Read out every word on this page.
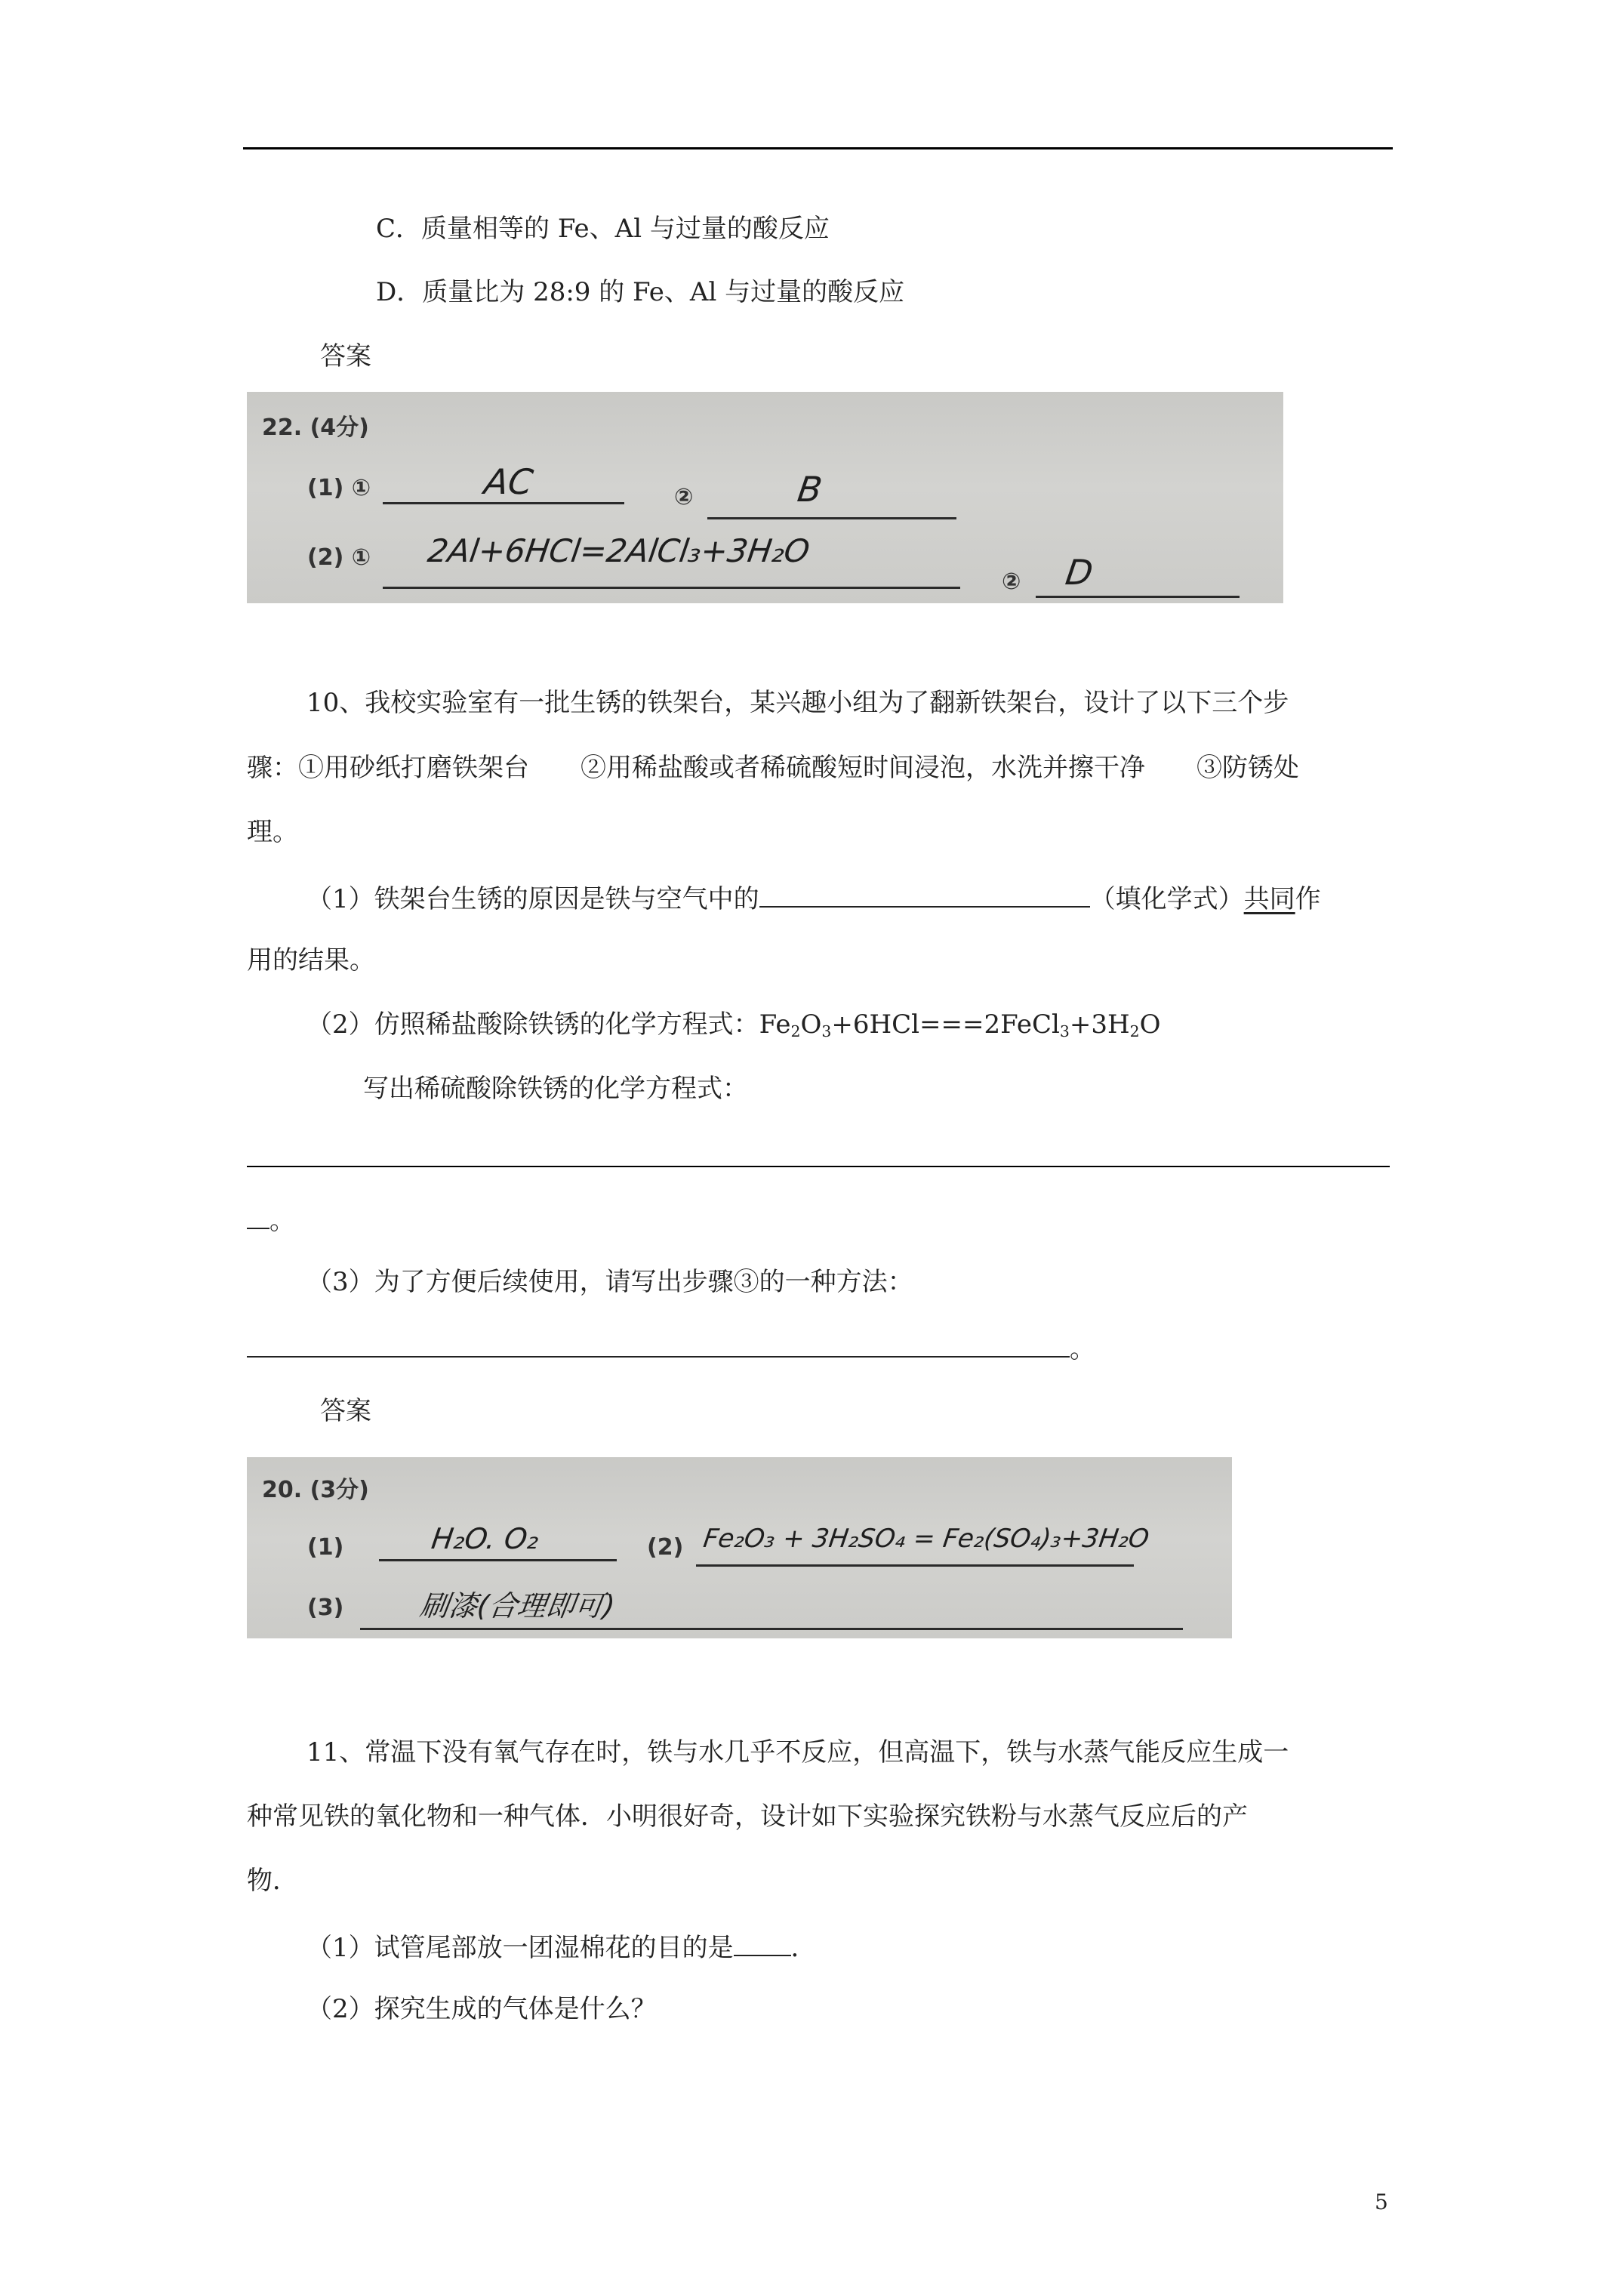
C．质量相等的 Fe、Al 与过量的酸反应
D．质量比为 28:9 的 Fe、Al 与过量的酸反应
答案
22. (4分)
(1) ①	AC	②	B
(2) ① 2Al+6HCl=2AlCl₃+3H₂O
② D
10、我校实验室有一批生锈的铁架台，某兴趣小组为了翻新铁架台，设计了以下三个步
骤：①用砂纸打磨铁架台　　②用稀盐酸或者稀硫酸短时间浸泡，水洗并擦干净　　③防锈处
理。
（1）铁架台生锈的原因是铁与空气中的	（填化学式）共同作
用的结果。
（2）仿照稀盐酸除铁锈的化学方程式：$Fe_2O_3+6HCl===2FeCl_3+3H_2O$
写出稀硫酸除铁锈的化学方程式：
。
（3）为了方便后续使用，请写出步骤③的一种方法：
。
答案
20. (3分)
(1)	H₂O. O₂	(2) Fe₂O₃ + 3H₂SO₄ = Fe₂(SO₄)₃+3H₂O
(3)	刷漆(合理即可)
11、常温下没有氧气存在时，铁与水几乎不反应，但高温下，铁与水蒸气能反应生成一
种常见铁的氧化物和一种气体．小明很好奇，设计如下实验探究铁粉与水蒸气反应后的产
物．
（1）试管尾部放一团湿棉花的目的是 ．
（2）探究生成的气体是什么？
5
